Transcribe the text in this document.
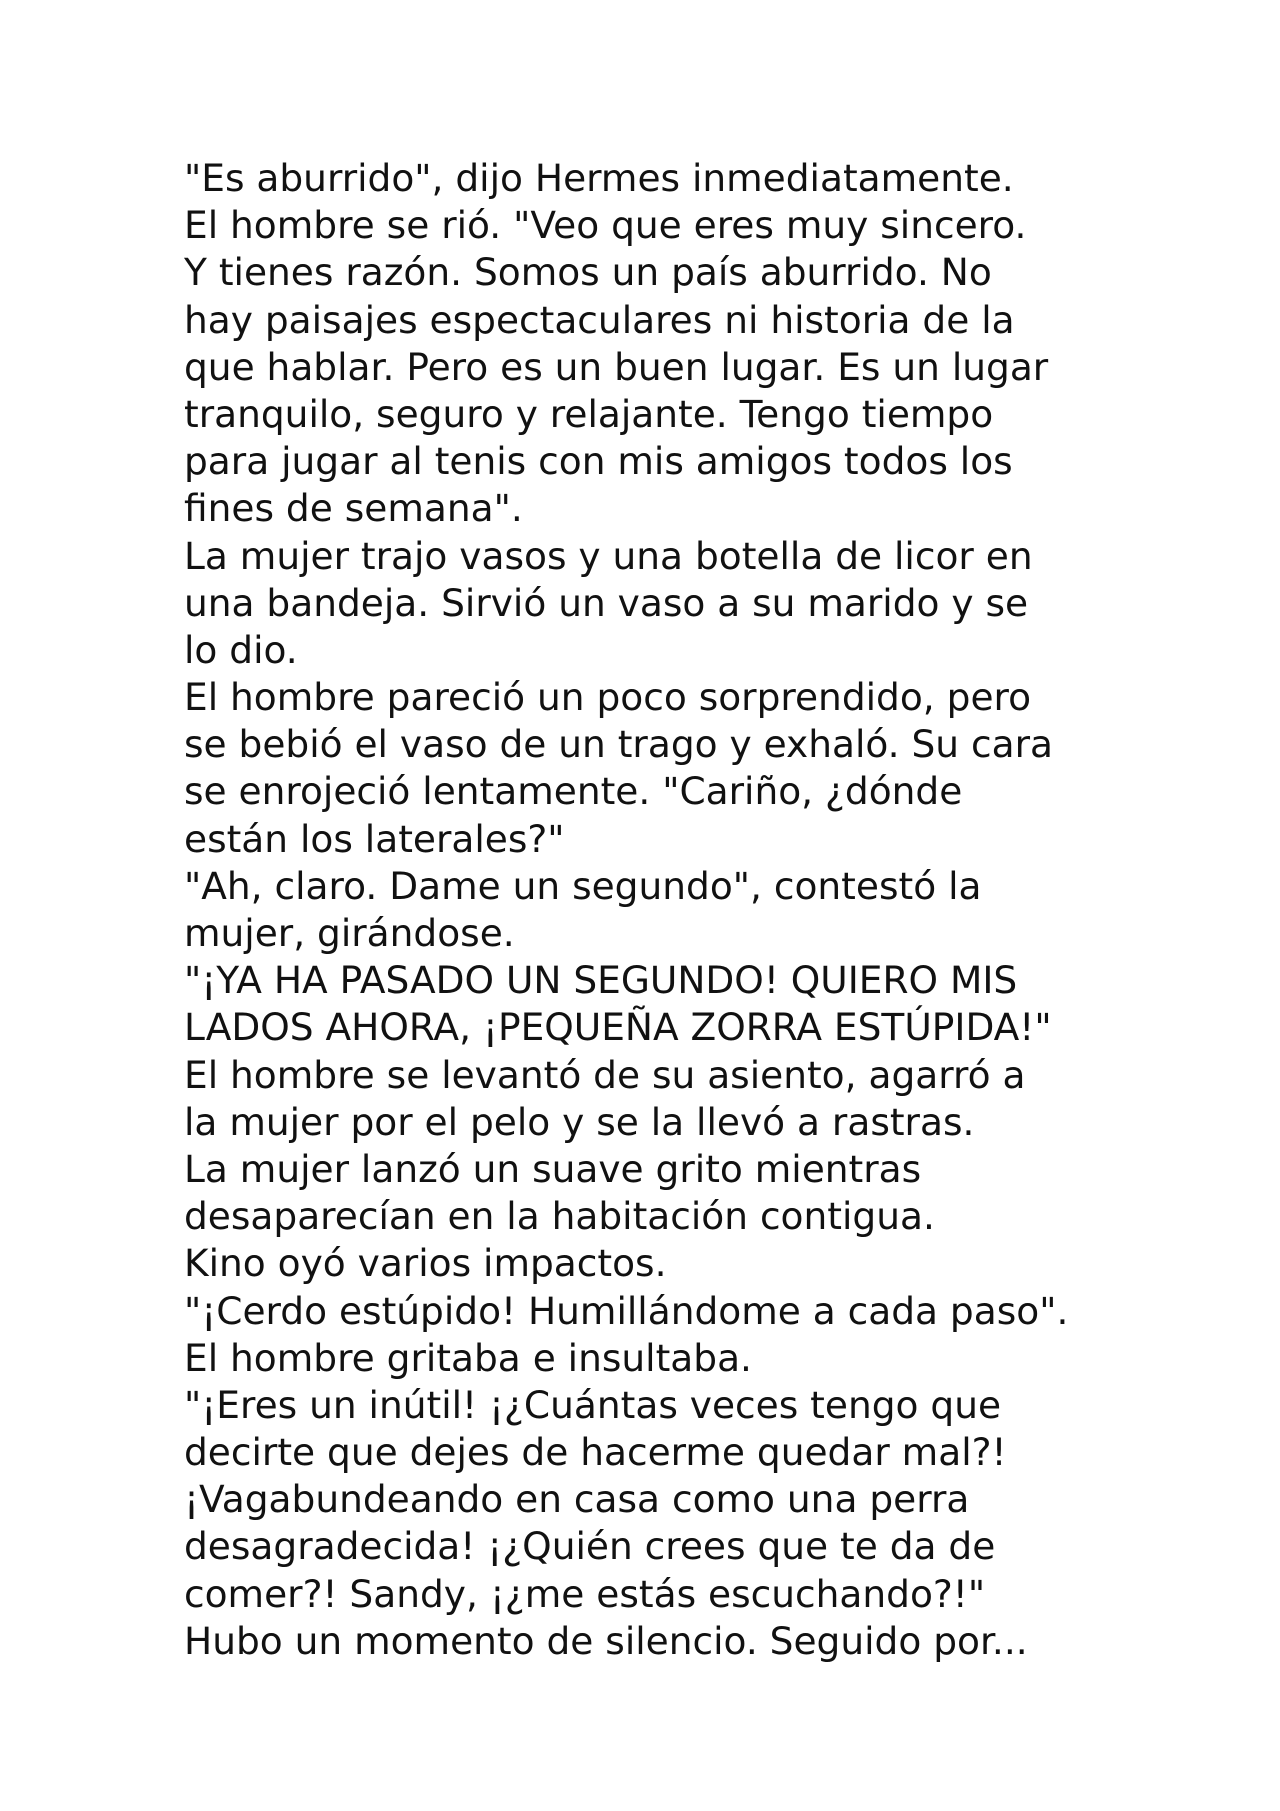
"Es aburrido", dijo Hermes inmediatamente.
El hombre se rió. "Veo que eres muy sincero.
Y tienes razón. Somos un país aburrido. No
hay paisajes espectaculares ni historia de la
que hablar. Pero es un buen lugar. Es un lugar
tranquilo, seguro y relajante. Tengo tiempo
para jugar al tenis con mis amigos todos los
fines de semana".
La mujer trajo vasos y una botella de licor en
una bandeja. Sirvió un vaso a su marido y se
lo dio.
El hombre pareció un poco sorprendido, pero
se bebió el vaso de un trago y exhaló. Su cara
se enrojeció lentamente. "Cariño, ¿dónde
están los laterales?"
"Ah, claro. Dame un segundo", contestó la
mujer, girándose.
"¡YA HA PASADO UN SEGUNDO! QUIERO MIS
LADOS AHORA, ¡PEQUEÑA ZORRA ESTÚPIDA!"
El hombre se levantó de su asiento, agarró a
la mujer por el pelo y se la llevó a rastras.
La mujer lanzó un suave grito mientras
desaparecían en la habitación contigua.
Kino oyó varios impactos.
"¡Cerdo estúpido! Humillándome a cada paso".
El hombre gritaba e insultaba.
"¡Eres un inútil! ¡¿Cuántas veces tengo que
decirte que dejes de hacerme quedar mal?!
¡Vagabundeando en casa como una perra
desagradecida! ¡¿Quién crees que te da de
comer?! Sandy, ¡¿me estás escuchando?!"
Hubo un momento de silencio. Seguido por...
